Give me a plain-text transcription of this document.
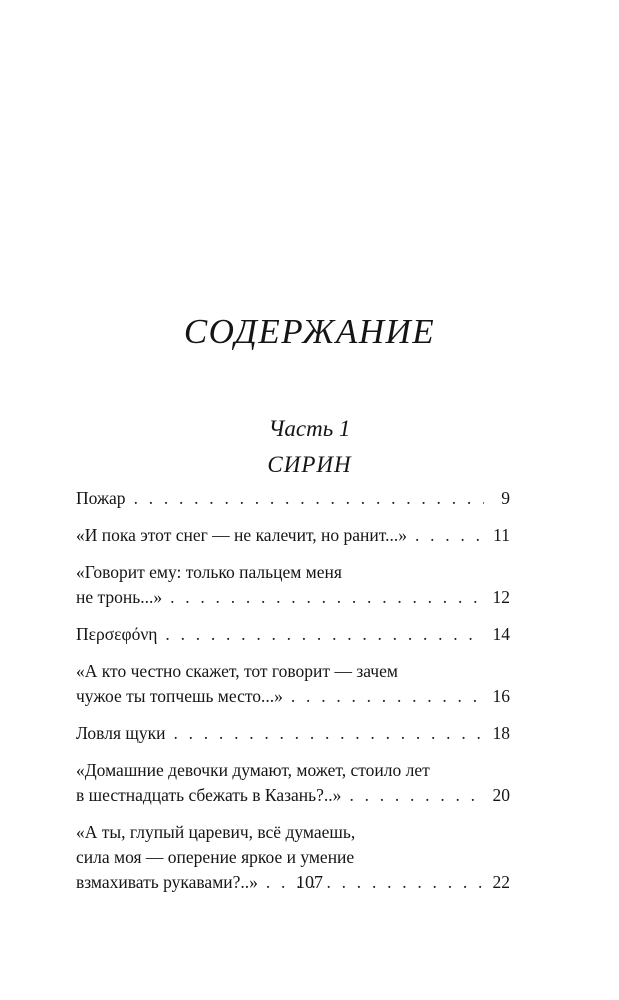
СОДЕРЖАНИЕ
Часть 1
СИРИН
Пожар . . .	9
«И пока этот снег — не калечит, но ранит...» . . .	11
«Говорит ему: только пальцем меня
не тронь...» . . .	12
Περσεφόνη . . .	14
«А кто честно скажет, тот говорит — зачем
чужое ты топчешь место...» . . .	16
Ловля щуки . . .	18
«Домашние девочки думают, может, стоило лет
в шестнадцать сбежать в Казань?..» . . .	20
«А ты, глупый царевич, всё думаешь,
сила моя — оперение яркое и умение
взмахивать рукавами?..» . . .	22
107
